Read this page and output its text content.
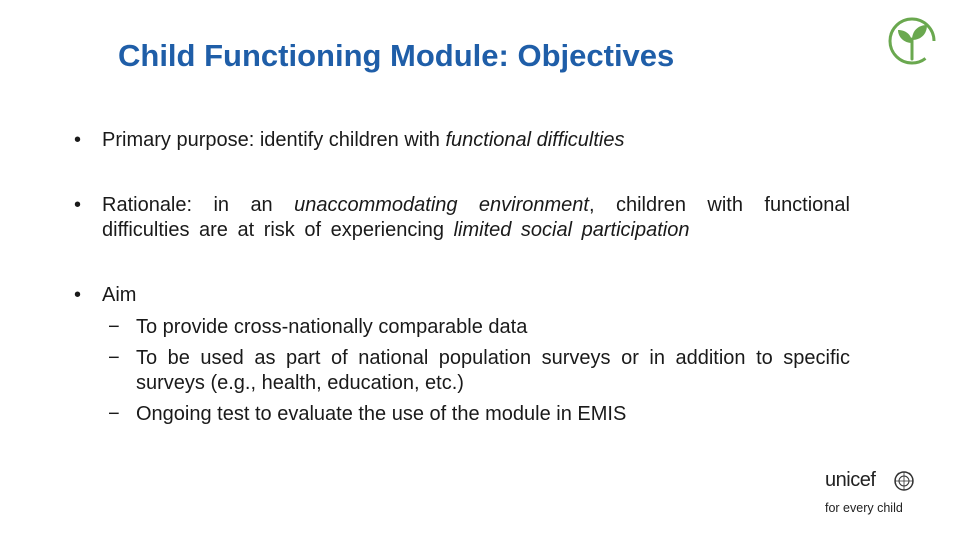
Child Functioning Module: Objectives
• Primary purpose: identify children with functional difficulties
• Rationale: in an unaccommodating environment, children with functional difficulties are at risk of experiencing limited social participation
• Aim
− To provide cross-nationally comparable data
− To be used as part of national population surveys or in addition to specific surveys (e.g., health, education, etc.)
− Ongoing test to evaluate the use of the module in EMIS
unicef
for every child
